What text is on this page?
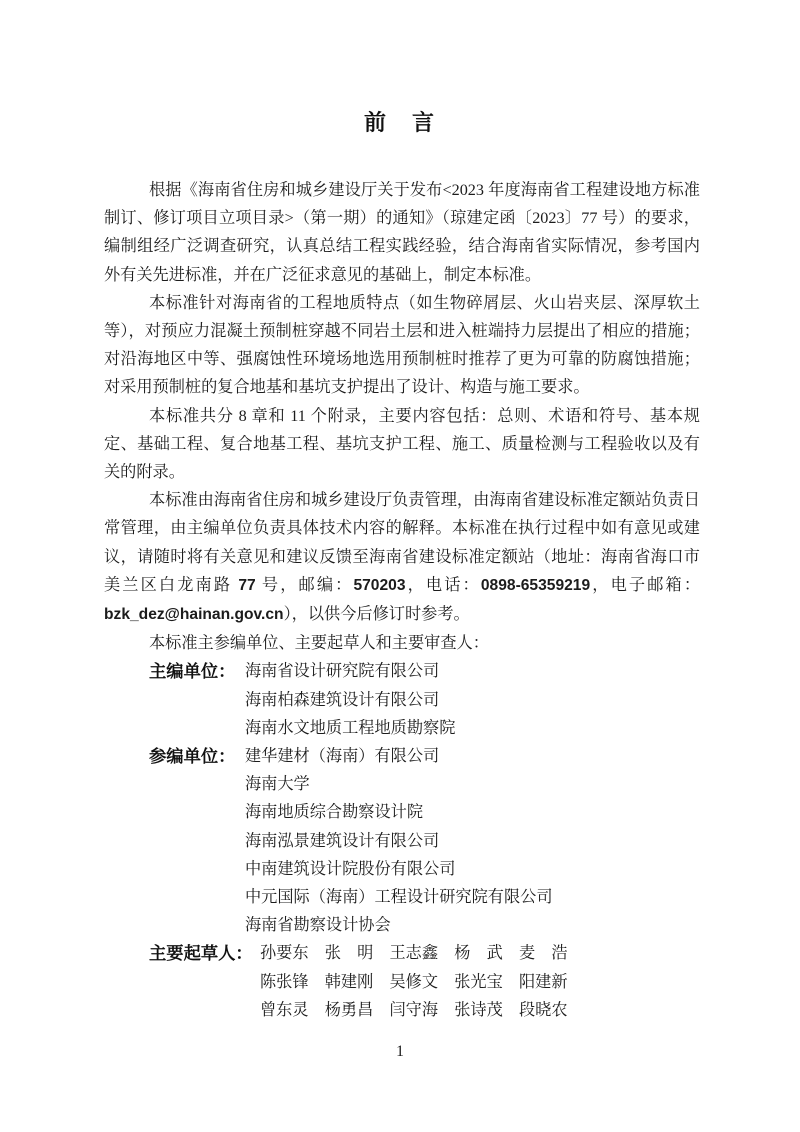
前　言

根据《海南省住房和城乡建设厅关于发布<2023 年度海南省工程建设地方标准制订、修订项目立项目录>（第一期）的通知》（琼建定函〔2023〕77 号）的要求，编制组经广泛调查研究，认真总结工程实践经验，结合海南省实际情况，参考国内外有关先进标准，并在广泛征求意见的基础上，制定本标准。

本标准针对海南省的工程地质特点（如生物碎屑层、火山岩夹层、深厚软土等），对预应力混凝土预制桩穿越不同岩土层和进入桩端持力层提出了相应的措施；对沿海地区中等、强腐蚀性环境场地选用预制桩时推荐了更为可靠的防腐蚀措施；对采用预制桩的复合地基和基坑支护提出了设计、构造与施工要求。

本标准共分 8 章和 11 个附录，主要内容包括：总则、术语和符号、基本规定、基础工程、复合地基工程、基坑支护工程、施工、质量检测与工程验收以及有关的附录。

本标准由海南省住房和城乡建设厅负责管理，由海南省建设标准定额站负责日常管理，由主编单位负责具体技术内容的解释。本标准在执行过程中如有意见或建议，请随时将有关意见和建议反馈至海南省建设标准定额站（地址：海南省海口市美兰区白龙南路 77 号，邮编：570203，电话：0898-65359219，电子邮箱：bzk_dez@hainan.gov.cn），以供今后修订时参考。

本标准主参编单位、主要起草人和主要审查人：

主编单位： 海南省设计研究院有限公司
海南柏森建筑设计有限公司
海南水文地质工程地质勘察院
参编单位： 建华建材（海南）有限公司
海南大学
海南地质综合勘察设计院
海南泓景建筑设计有限公司
中南建筑设计院股份有限公司
中元国际（海南）工程设计研究院有限公司
海南省勘察设计协会
主要起草人： 孙要东　张　明　王志鑫　杨　武　麦　浩
陈张锋　韩建刚　吴修文　张光宝　阳建新
曾东灵　杨勇昌　闫守海　张诗茂　段晓农
1
